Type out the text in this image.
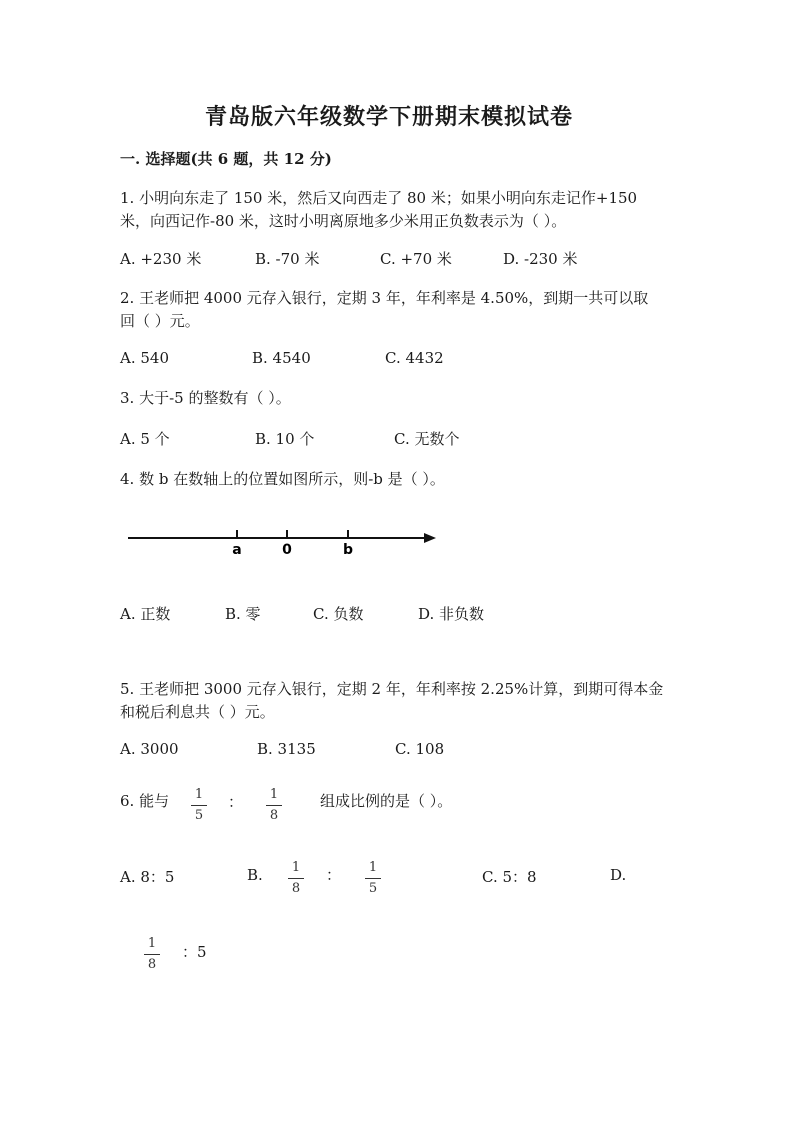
青岛版六年级数学下册期末模拟试卷
一. 选择题(共 6 题，共 12 分)
1. 小明向东走了 150 米，然后又向西走了 80 米；如果小明向东走记作+150
米，向西记作-80 米，这时小明离原地多少米用正负数表示为（ ）。
A. +230 米	B. -70 米	C. +70 米	D. -230 米
2. 王老师把 4000 元存入银行，定期 3 年，年利率是 4.50%，到期一共可以取
回（ ）元。
A. 540	B. 4540	C. 4432
3. 大于-5 的整数有（ ）。
A. 5 个	B. 10 个	C. 无数个
4. 数 b 在数轴上的位置如图所示，则-b 是（ ）。
a	0	b
A. 正数	B. 零	C. 负数	D. 非负数
5. 王老师把 3000 元存入银行，定期 2 年，年利率按 2.25%计算，到期可得本金
和税后利息共（ ）元。
A. 3000	B. 3135	C. 108
6. 能与 1
5
： 1
8
组成比例的是（ ）。
A. 8：5	B. 1
8
： 1
5
C. 5：8	D.
1
8
：5
